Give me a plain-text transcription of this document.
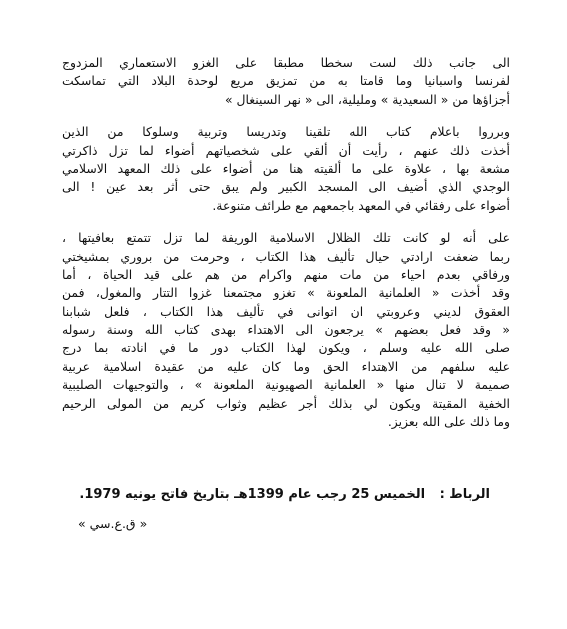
الى جانب ذلك لست سخطا مطبقا على الغزو الاستعماري المزدوج
لفرنسا واسبانيا وما قامتا به من تمزيق مريع لوحدة البلاد التي تماسكت
أجزاؤها من « السعيدية » ومليلية، الى « نهر السينغال »
وبرروا باعلام كتاب الله تلقينا وتدريسا وتربية وسلوكا من الذين
أخذت ذلك عنهم ، رأيت أن ألقي على شخصياتهم أضواء لما تزل ذاكرتي
مشعة بها ، علاوة على ما ألقيته هنا من أضواء على ذلك المعهد الاسلامي
الوجدي الذي أضيف الى المسجد الكبير ولم يبق حتى أثر بعد عين ! الى
أضواء على رفقائي في المعهد باجمعهم مع طرائف متنوعة.
على أنه لو كانت تلك الظلال الاسلامية الوريفة لما تزل تتمتع بعافيتها ،
ربما ضعفت ارادتي حيال تأليف هذا الكتاب ، وحرمت من بروري بمشيختي
ورفاقي بعدم احياء من مات منهم واكرام من هم على قيد الحياة ، أما
وقد أخذت « العلمانية الملعونة » تغزو مجتمعنا غزوا التتار والمغول، فمن
العقوق لديني وعروبتي ان اتوانى في تأليف هذا الكتاب ، فلعل شبابنا
« وقد فعل بعضهم » يرجعون الى الاهتداء بهدى كتاب الله وسنة رسوله
صلى الله عليه وسلم ، ويكون لهذا الكتاب دور ما في انادته بما درج
عليه سلفهم من الاهتداء الحق وما كان عليه من عقيدة اسلامية عربية
صميمة لا تنال منها « العلمانية الصهيونية الملعونة » ، والتوجيهات الصليبية
الخفية المقيتة ويكون لي بذلك أجر عظيم وثواب كريم من المولى الرحيم
وما ذلك على الله بعزيز.
الرباط : الخميس 25 رجب عام 1399هـ بتاريخ فاتح يونيه 1979.
« ق.ع.سي »
